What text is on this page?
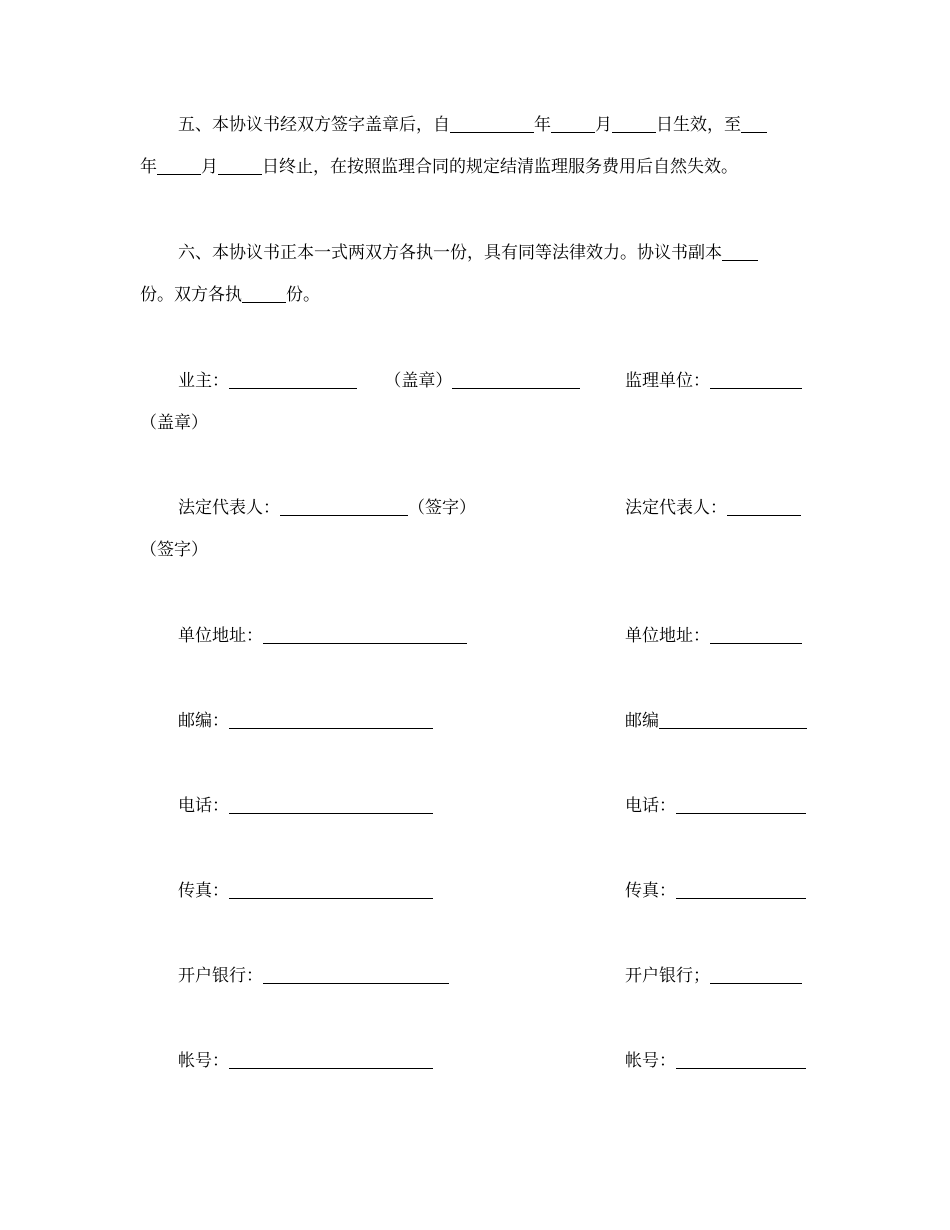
五、本协议书经双方签字盖章后，自	年	月	日生效，至
年	月	日终止，在按照监理合同的规定结清监理服务费用后自然失效。
六、本协议书正本一式两双方各执一份，具有同等法律效力。协议书副本
份。双方各执	份。
业主：	（盖章）	监理单位：
（盖章）
法定代表人：	（签字）	法定代表人：
（签字）
单位地址：	单位地址：
邮编：	邮编
电话：	电话：
传真：	传真：
开户银行：	开户银行；
帐号：	帐号：
